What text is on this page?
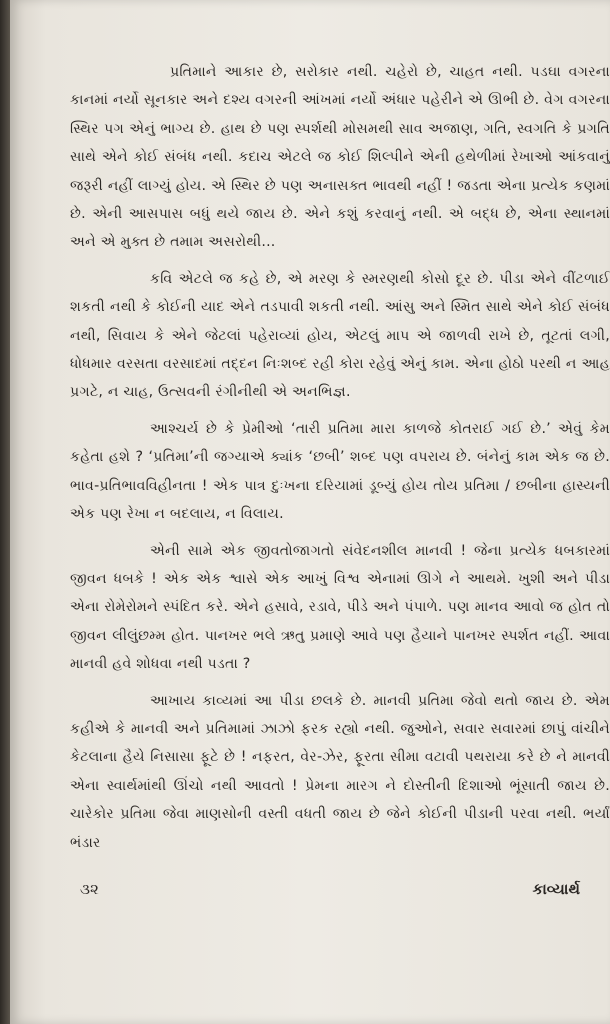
પ્રતિમાને આકાર છે, સરોકાર નથી. ચહેરો છે, ચાહત નથી. પડઘા વગરના કાનમાં નર્યો સૂનકાર અને દશ્ય વગરની આંખમાં નર્યો અંધાર પહેરીને એ ઊભી છે. વેગ વગરના સ્થિર પગ એનું ભાગ્ય છે. હાથ છે પણ સ્પર્શથી મોસમથી સાવ અજાણ, ગતિ, સ્વગતિ કે પ્રગતિ સાથે એને કોઈ સંબંધ નથી. કદાચ એટલે જ કોઈ શિલ્પીને એની હથેળીમાં રેખાઓ આંકવાનું જરૂરી નહીં લાગ્યું હોય. એ સ્થિર છે પણ અનાસક્ત ભાવથી નહીં ! જડતા એના પ્રત્યેક કણમાં છે. એની આસપાસ બધું થયે જાય છે. એને કશું કરવાનું નથી. એ બદ્ધ છે, એના સ્થાનમાં અને એ મુક્ત છે તમામ અસરોથી...

કવિ એટલે જ કહે છે, એ મરણ કે સ્મરણથી કોસો દૂર છે. પીડા એને વીંટળાઈ શકતી નથી કે કોઈની યાદ એને તડપાવી શકતી નથી. આંસુ અને સ્મિત સાથે એને કોઈ સંબંધ નથી, સિવાય કે એને જેટલાં પહેરાવ્યાં હોય, એટલું માપ એ જાળવી રાખે છે, તૂટતાં લગી, ધોધમાર વરસતા વરસાદમાં તદ્દન નિઃશબ્દ રહી કોરા રહેવું એનું કામ. એના હોઠો પરથી ન આહ પ્રગટે, ન ચાહ, ઉત્સવની રંગીનીથી એ અનભિજ્ઞ.

આશ્ચર્ય છે કે પ્રેમીઓ ‘તારી પ્રતિમા મારા કાળજે કોતરાઈ ગઈ છે.’ એવું કેમ કહેતા હશે ? ‘પ્રતિમા’ની જગ્યાએ ક્યાંક ‘છબી’ શબ્દ પણ વપરાય છે. બંનેનું કામ એક જ છે. ભાવ-પ્રતિભાવવિહીનતા ! એક પાત્ર દુઃખના દરિયામાં ડૂબ્યું હોય તોય પ્રતિમા / છબીના હાસ્યની એક પણ રેખા ન બદલાય, ન વિલાય.

એની સામે એક જીવતોજાગતો સંવેદનશીલ માનવી ! જેના પ્રત્યેક ધબકારમાં જીવન ધબકે ! એક એક શ્વાસે એક આખું વિશ્વ એનામાં ઊગે ને આથમે. ખુશી અને પીડા એના રોમેરોમને સ્પંદિત કરે. એને હસાવે, રડાવે, પીડે અને પંપાળે. પણ માનવ આવો જ હોત તો જીવન લીલુંછમ્મ હોત. પાનખર ભલે ઋતુ પ્રમાણે આવે પણ હૈયાને પાનખર સ્પર્શત નહીં. આવા માનવી હવે શોધવા નથી પડતા ?

આખાય કાવ્યમાં આ પીડા છલકે છે. માનવી પ્રતિમા જેવો થતો જાય છે. એમ કહીએ કે માનવી અને પ્રતિમામાં ઝાઝો ફરક રહ્યો નથી. જુઓને, સવાર સવારમાં છાપું વાંચીને કેટલાના હૈયે નિસાસા ફૂટે છે ! નફરત, વેર-ઝેર, ફૂરતા સીમા વટાવી પથરાયા કરે છે ને માનવી એના સ્વાર્થમાંથી ઊંચો નથી આવતો ! પ્રેમના મારગ ને દોસ્તીની દિશાઓ ભૂંસાતી જાય છે. ચારેકોર પ્રતિમા જેવા માણસોની વસ્તી વધતી જાય છે જેને કોઈની પીડાની પરવા નથી. ભર્યાં ભંડાર

૩૨	કાવ્યાર્થ
